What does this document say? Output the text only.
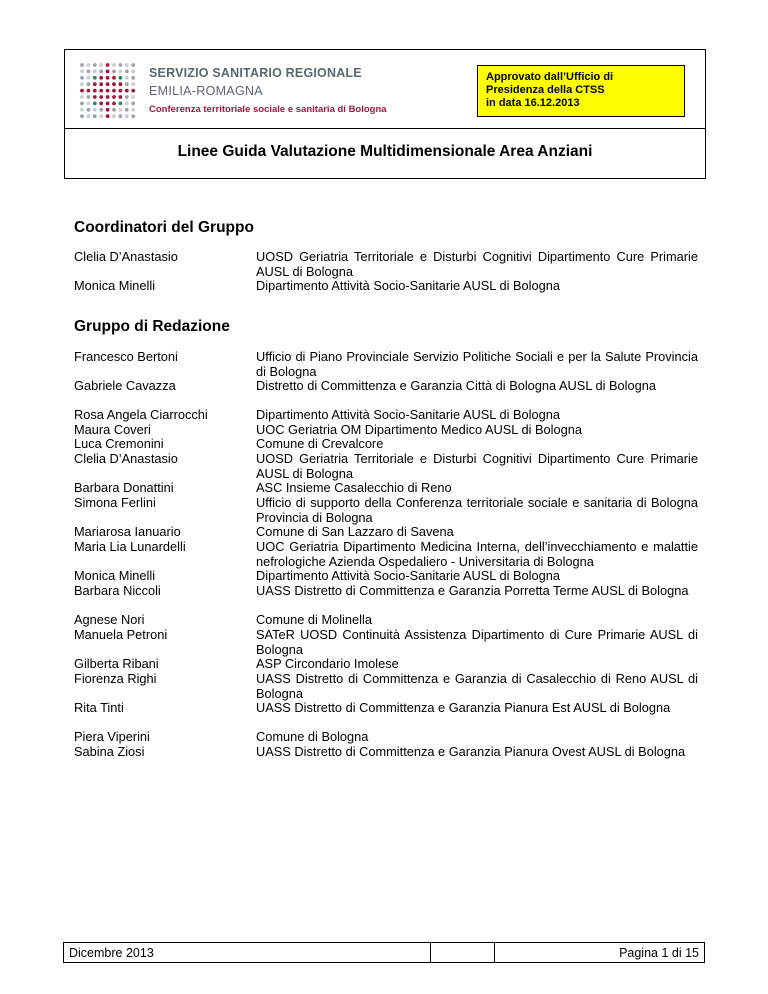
SERVIZIO SANITARIO REGIONALE
EMILIA-ROMAGNA
Conferenza territoriale sociale e sanitaria di Bologna
Approvato dall’Ufficio di
Presidenza della CTSS
in data 16.12.2013
Linee Guida Valutazione Multidimensionale Area Anziani
Coordinatori del Gruppo
Clelia D’Anastasio	UOSD Geriatria Territoriale e Disturbi Cognitivi Dipartimento Cure Primarie AUSL di Bologna
Monica Minelli	Dipartimento Attività Socio-Sanitarie AUSL di Bologna
Gruppo di Redazione
Francesco Bertoni	Ufficio di Piano Provinciale Servizio Politiche Sociali e per la Salute Provincia di Bologna
Gabriele Cavazza	Distretto di Committenza e Garanzia Città di Bologna AUSL di Bologna
Rosa Angela Ciarrocchi	Dipartimento Attività Socio-Sanitarie AUSL di Bologna
Maura Coveri	UOC Geriatria OM Dipartimento Medico AUSL di Bologna
Luca Cremonini	Comune di Crevalcore
Clelia D’Anastasio	UOSD Geriatria Territoriale e Disturbi Cognitivi Dipartimento Cure Primarie AUSL di Bologna
Barbara Donattini	ASC Insieme Casalecchio di Reno
Simona Ferlini	Ufficio di supporto della Conferenza territoriale sociale e sanitaria di Bologna Provincia di Bologna
Mariarosa Ianuario	Comune di San Lazzaro di Savena
Maria Lia Lunardelli	UOC Geriatria Dipartimento Medicina Interna, dell’invecchiamento e malattie nefrologiche Azienda Ospedaliero - Universitaria di Bologna
Monica Minelli	Dipartimento Attività Socio-Sanitarie AUSL di Bologna
Barbara Niccoli	UASS Distretto di Committenza e Garanzia Porretta Terme AUSL di Bologna
Agnese Nori	Comune di Molinella
Manuela Petroni	SATeR UOSD Continuità Assistenza Dipartimento di Cure Primarie AUSL di Bologna
Gilberta Ribani	ASP Circondario Imolese
Fiorenza Righi	UASS Distretto di Committenza e Garanzia di Casalecchio di Reno AUSL di Bologna
Rita Tinti	UASS Distretto di Committenza e Garanzia Pianura Est AUSL di Bologna
Piera Viperini	Comune di Bologna
Sabina Ziosi	UASS Distretto di Committenza e Garanzia Pianura Ovest AUSL di Bologna
Dicembre 2013	Pagina 1 di 15
